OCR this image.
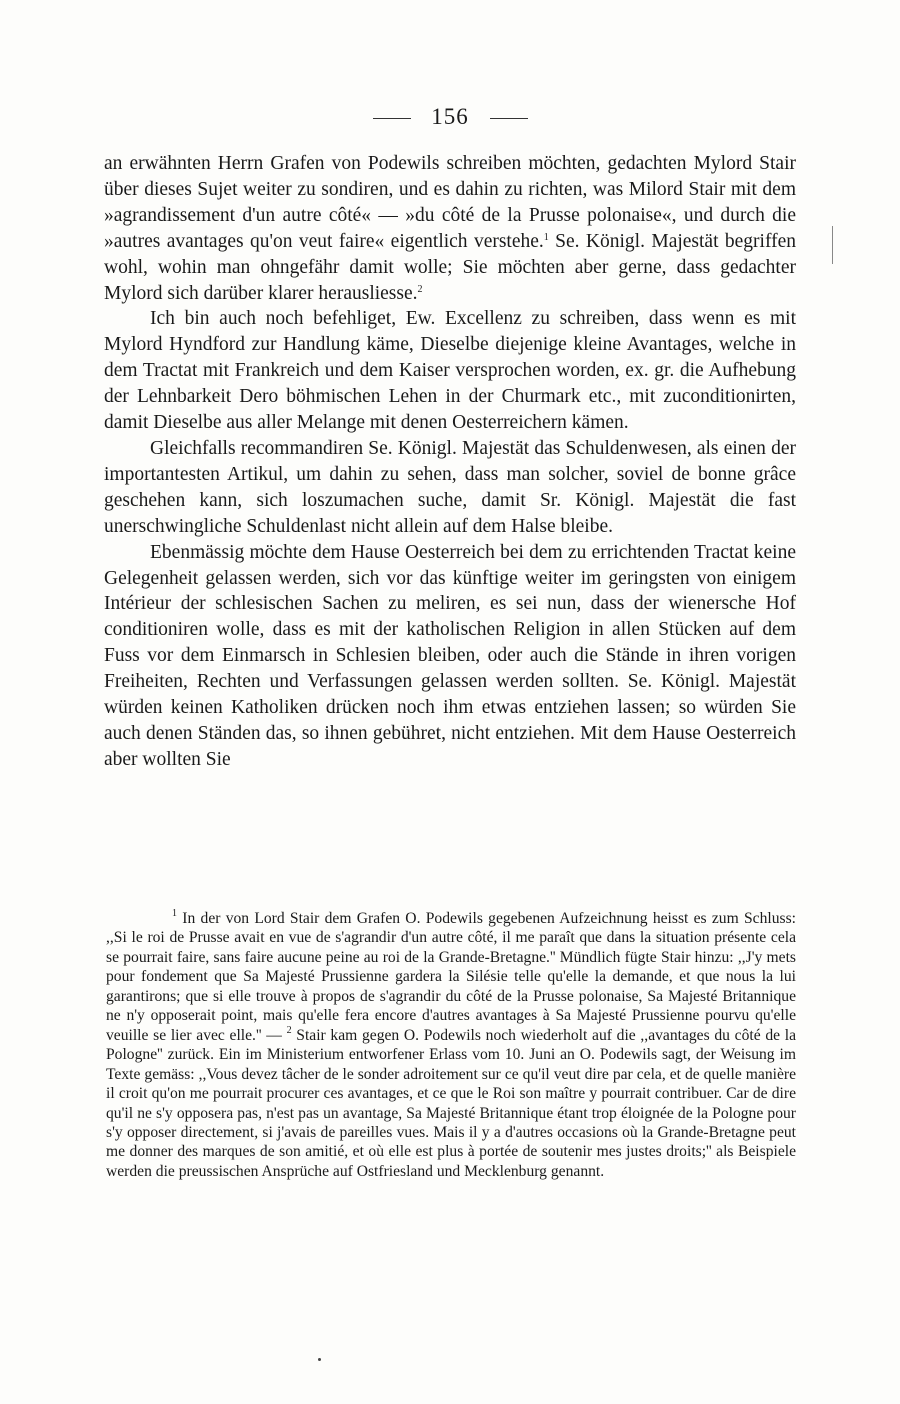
156

an erwähnten Herrn Grafen von Podewils schreiben möchten, gedachten Mylord Stair über dieses Sujet weiter zu sondiren, und es dahin zu richten, was Milord Stair mit dem »agrandissement d'un autre côté« — »du côté de la Prusse polonaise«, und durch die »autres avantages qu'on veut faire« eigentlich verstehe.$^1$ Se. Königl. Majestät begriffen wohl, wohin man ohngefähr damit wolle; Sie möchten aber gerne, dass gedachter Mylord sich darüber klarer herausliesse.$^2$

Ich bin auch noch befehliget, Ew. Excellenz zu schreiben, dass wenn es mit Mylord Hyndford zur Handlung käme, Dieselbe diejenige kleine Avantages, welche in dem Tractat mit Frankreich und dem Kaiser versprochen worden, ex. gr. die Aufhebung der Lehnbarkeit Dero böhmischen Lehen in der Churmark etc., mit zuconditionirten, damit Dieselbe aus aller Melange mit denen Oesterreichern kämen.

Gleichfalls recommandiren Se. Königl. Majestät das Schuldenwesen, als einen der importantesten Artikul, um dahin zu sehen, dass man solcher, soviel de bonne grâce geschehen kann, sich loszumachen suche, damit Sr. Königl. Majestät die fast unerschwingliche Schuldenlast nicht allein auf dem Halse bleibe.

Ebenmässig möchte dem Hause Oesterreich bei dem zu errichtenden Tractat keine Gelegenheit gelassen werden, sich vor das künftige weiter im geringsten von einigem Intérieur der schlesischen Sachen zu meliren, es sei nun, dass der wienersche Hof conditioniren wolle, dass es mit der katholischen Religion in allen Stücken auf dem Fuss vor dem Einmarsch in Schlesien bleiben, oder auch die Stände in ihren vorigen Freiheiten, Rechten und Verfassungen gelassen werden sollten. Se. Königl. Majestät würden keinen Katholiken drücken noch ihm etwas entziehen lassen; so würden Sie auch denen Ständen das, so ihnen gebühret, nicht entziehen. Mit dem Hause Oesterreich aber wollten Sie

$^1$ In der von Lord Stair dem Grafen O. Podewils gegebenen Aufzeichnung heisst es zum Schluss: ,,Si le roi de Prusse avait en vue de s'agrandir d'un autre côté, il me paraît que dans la situation présente cela se pourrait faire, sans faire aucune peine au roi de la Grande-Bretagne.'' Mündlich fügte Stair hinzu: ,,J'y mets pour fondement que Sa Majesté Prussienne gardera la Silésie telle qu'elle la demande, et que nous la lui garantirons; que si elle trouve à propos de s'agrandir du côté de la Prusse polonaise, Sa Majesté Britannique ne n'y opposerait point, mais qu'elle fera encore d'autres avantages à Sa Majesté Prussienne pourvu qu'elle veuille se lier avec elle.'' — $^2$ Stair kam gegen O. Podewils noch wiederholt auf die ,,avantages du côté de la Pologne'' zurück. Ein im Ministerium entworfener Erlass vom 10. Juni an O. Podewils sagt, der Weisung im Texte gemäss: ,,Vous devez tâcher de le sonder adroitement sur ce qu'il veut dire par cela, et de quelle manière il croit qu'on me pourrait procurer ces avantages, et ce que le Roi son maître y pourrait contribuer. Car de dire qu'il ne s'y opposera pas, n'est pas un avantage, Sa Majesté Britannique étant trop éloignée de la Pologne pour s'y opposer directement, si j'avais de pareilles vues. Mais il y a d'autres occasions où la Grande-Bretagne peut me donner des marques de son amitié, et où elle est plus à portée de soutenir mes justes droits;'' als Beispiele werden die preussischen Ansprüche auf Ostfriesland und Mecklenburg genannt.
